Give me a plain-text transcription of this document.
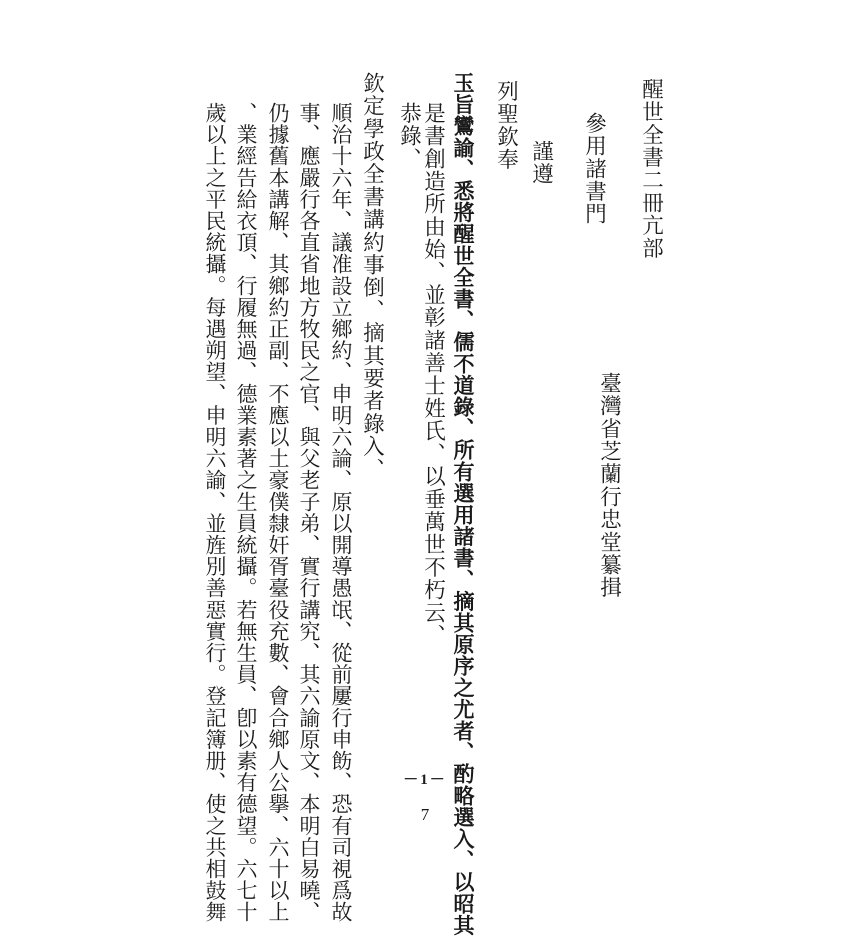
醒世全書二冊亢部
參用諸書門
臺灣省芝蘭行忠堂纂揖
謹遵
列聖欽奉
玉旨鸞諭、悉將醒世全書、儒不道錄、所有選用諸書、摘其原序之尤者、酌略選入、以昭其
是書創造所由始、並彰諸善士姓氏、以垂萬世不朽云、
恭錄、
欽定學政全書講約事倒、摘其要者錄入、
順治十六年、議准設立鄉約、申明六論、原以開導愚氓、從前屢行申飭、恐有司視爲故
事、應嚴行各直省地方牧民之官、與父老子弟、實行講究、其六諭原文、本明白易曉、
仍據舊本講解、其鄉約正副、不應以土豪僕隸奸胥臺役充數、會合鄉人公擧、六十以上
、業經告給衣頂、行履無過、德業素著之生員統攝。若無生員、卽以素有德望。六七十
歲以上之平民統攝。每遇朔望、申明六諭、並旌別善惡實行。登記簿册、使之共相鼓舞	－1－
7
